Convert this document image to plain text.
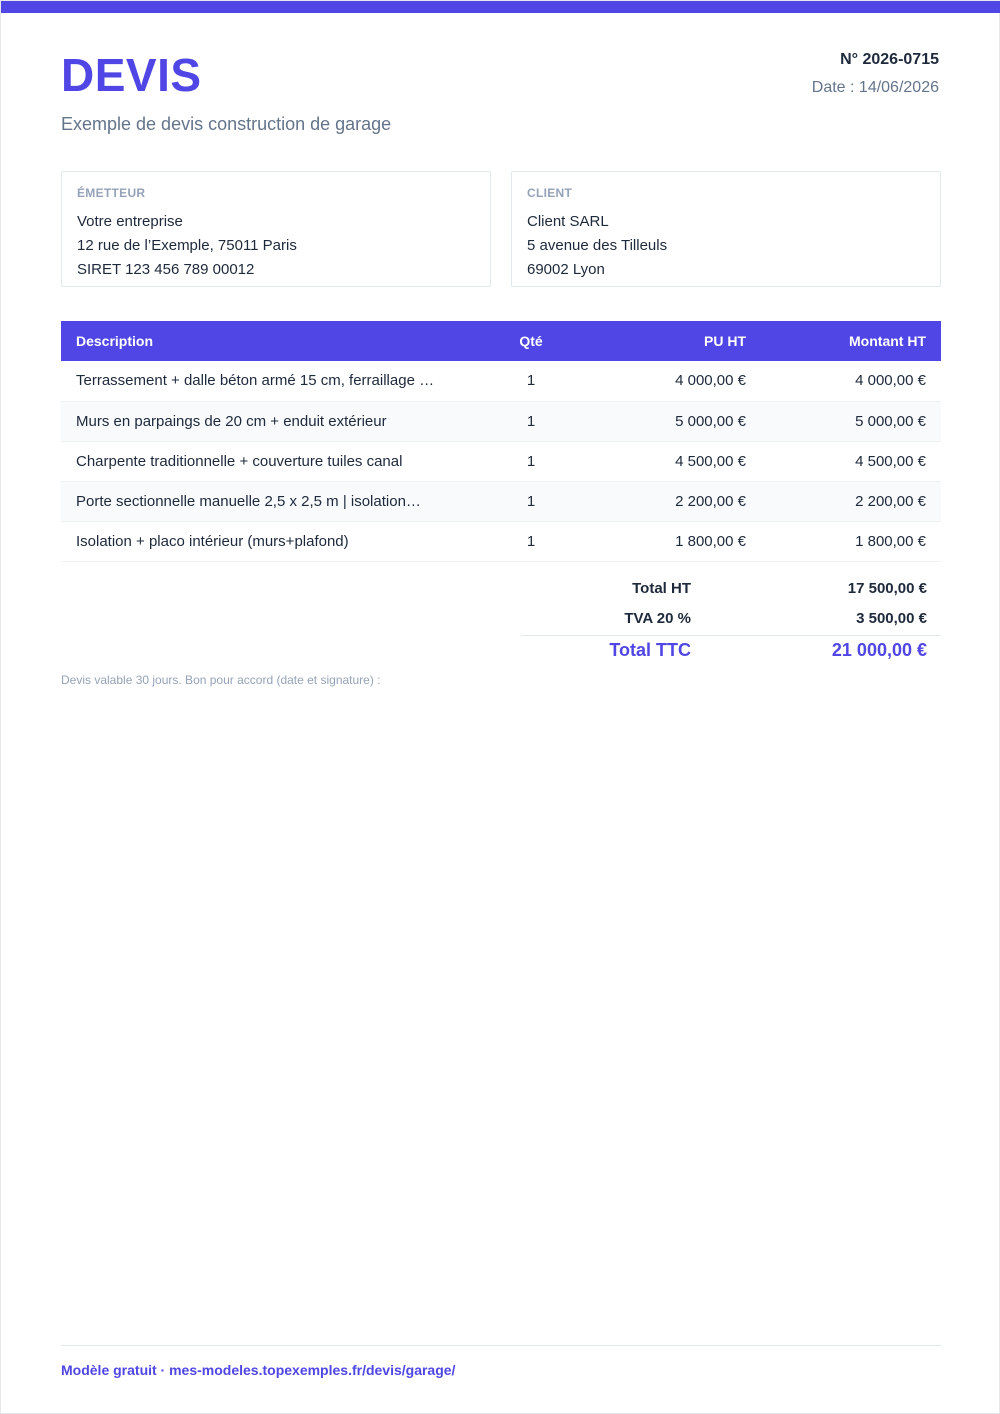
DEVIS
Exemple de devis construction de garage
N° 2026-0715
Date : 14/06/2026
ÉMETTEUR
Votre entreprise
12 rue de l’Exemple, 75011 Paris
SIRET 123 456 789 00012
CLIENT
Client SARL
5 avenue des Tilleuls
69002 Lyon
Description	Qté	PU HT	Montant HT

Terrassement + dalle béton armé 15 cm, ferraillage …	1	4 000,00 €	4 000,00 €

Murs en parpaings de 20 cm + enduit extérieur	1	5 000,00 €	5 000,00 €

Charpente traditionnelle + couverture tuiles canal	1	4 500,00 €	4 500,00 €

Porte sectionnelle manuelle 2,5 x 2,5 m | isolation…	1	2 200,00 €	2 200,00 €

Isolation + placo intérieur (murs+plafond)	1	1 800,00 €	1 800,00 €
Total HT	17 500,00 €
TVA 20 %	3 500,00 €
Total TTC	21 000,00 €
Devis valable 30 jours. Bon pour accord (date et signature) :
Modèle gratuit · mes-modeles.topexemples.fr/devis/garage/
